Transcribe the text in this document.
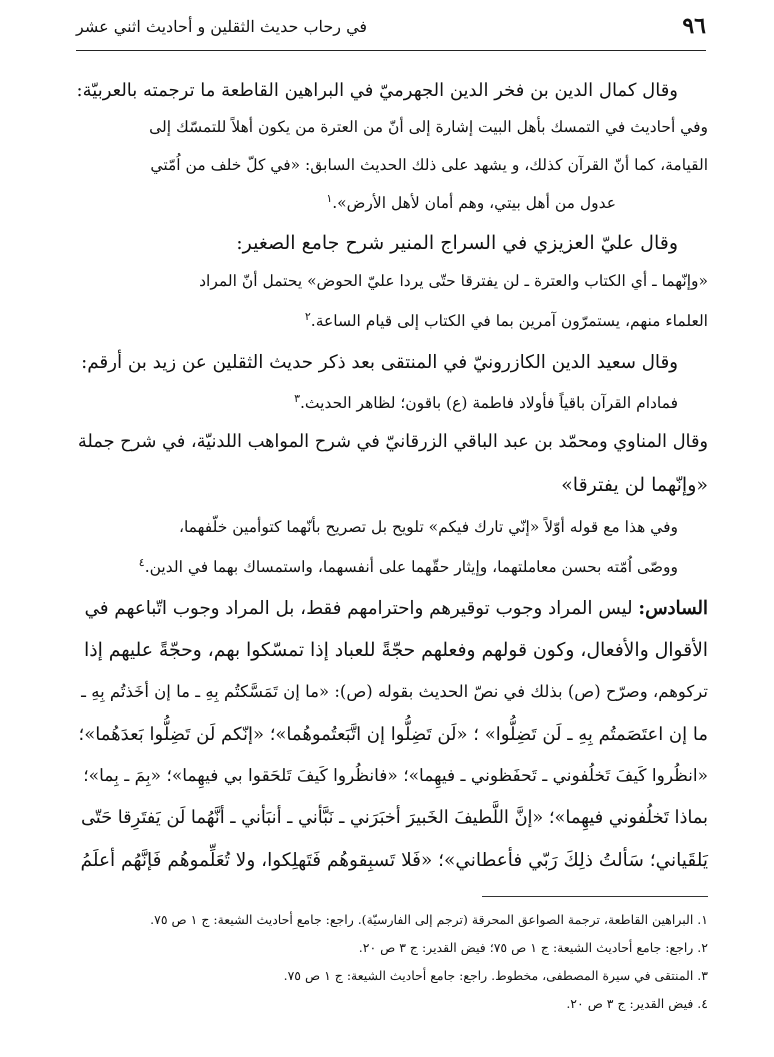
٩٦
في رحاب حديث الثقلين و أحاديث اثني عشر
وقال كمال الدين بن فخر الدين الجهرميّ في البراهين القاطعة ما ترجمته بالعربيّة:
وفي أحاديث في التمسك بأهل البيت إشارة إلى أنّ من العترة من يكون أهلاً للتمسّك إلى
القيامة، كما أنّ القرآن كذلك، و يشهد على ذلك الحديث السابق: «في كلّ خلف من اُمّتي
عدول من أهل بيتي، وهم أمان لأهل الأرض».$^١$
وقال عليّ العزيزي في السراج المنير شرح جامع الصغير:
«وإنّهما ـ أي الكتاب والعترة ـ لن يفترقا حتّى يردا عليّ الحوض» يحتمل أنّ المراد
العلماء منهم، يستمرّون آمرين بما في الكتاب إلى قيام الساعة.$^٢$
وقال سعيد الدين الكازرونيّ في المنتقى بعد ذكر حديث الثقلين عن زيد بن أرقم:
فمادام القرآن باقياً فأولاد فاطمة (ع) باقون؛ لظاهر الحديث.$^٣$
وقال المناوي ومحمّد بن عبد الباقي الزرقانيّ في شرح المواهب اللدنيّة، في شرح جملة
«وإنّهما لن يفترقا»
وفي هذا مع قوله أوّلاً «إنّي تارك فيكم» تلويح بل تصريح بأنّهما كتوأمين خلّفهما،
ووصّى اُمّته بحسن معاملتهما، وإيثار حقّهما على أنفسهما، واستمساك بهما في الدين.$^٤$
السادس: ليس المراد وجوب توقيرهم واحترامهم فقط، بل المراد وجوب اتّباعهم في
الأقوال والأفعال، وكون قولهم وفعلهم حجّةً للعباد إذا تمسّكوا بهم، وحجّةً عليهم إذا
تركوهم، وصرّح (ص) بذلك في نصّ الحديث بقوله (ص): «ما إن تَمَسَّكتُم بِهِ ـ ما إن أخَذتُم بِهِ ـ
ما إن اعتَصَمتُم بِهِ ـ لَن تَضِلُّوا» ؛ «لَن تَضِلُّوا إن اتَّبَعتُموهُما»؛ «إنّكم لَن تَضِلُّوا بَعدَهُما»؛
«انظُروا كَيفَ تَخلُفوني ـ تَحفَظوني ـ فيهِما»؛ «فانظُروا كَيفَ تَلحَقوا بي فيهِما»؛ «بِمَ ـ بِما»؛
بماذا تَخلُفوني فيهِما»؛ «إنَّ اللَّطيفَ الخَبيرَ أخبَرَني ـ نَبَّأني ـ أنبَأني ـ أنَّهُما لَن يَفتَرِقا حَتّى
يَلقَياني؛ سَألتُ ذلِكَ رَبّي فأعطاني»؛ «فَلا تَسبِقوهُم فَتَهلِكوا، ولا تُعَلِّموهُم فَإنَّهُم أعلَمُ
١. البراهين القاطعة، ترجمة الصواعق المحرقة (ترجم إلى الفارسيّة). راجع: جامع أحاديث الشيعة: ج ١ ص ٧٥.
٢. راجع: جامع أحاديث الشيعة: ج ١ ص ٧٥؛ فيض القدير: ج ٣ ص ٢٠.
٣. المنتقى في سيرة المصطفى، مخطوط. راجع: جامع أحاديث الشيعة: ج ١ ص ٧٥.
٤. فيض القدير: ج ٣ ص ٢٠.
